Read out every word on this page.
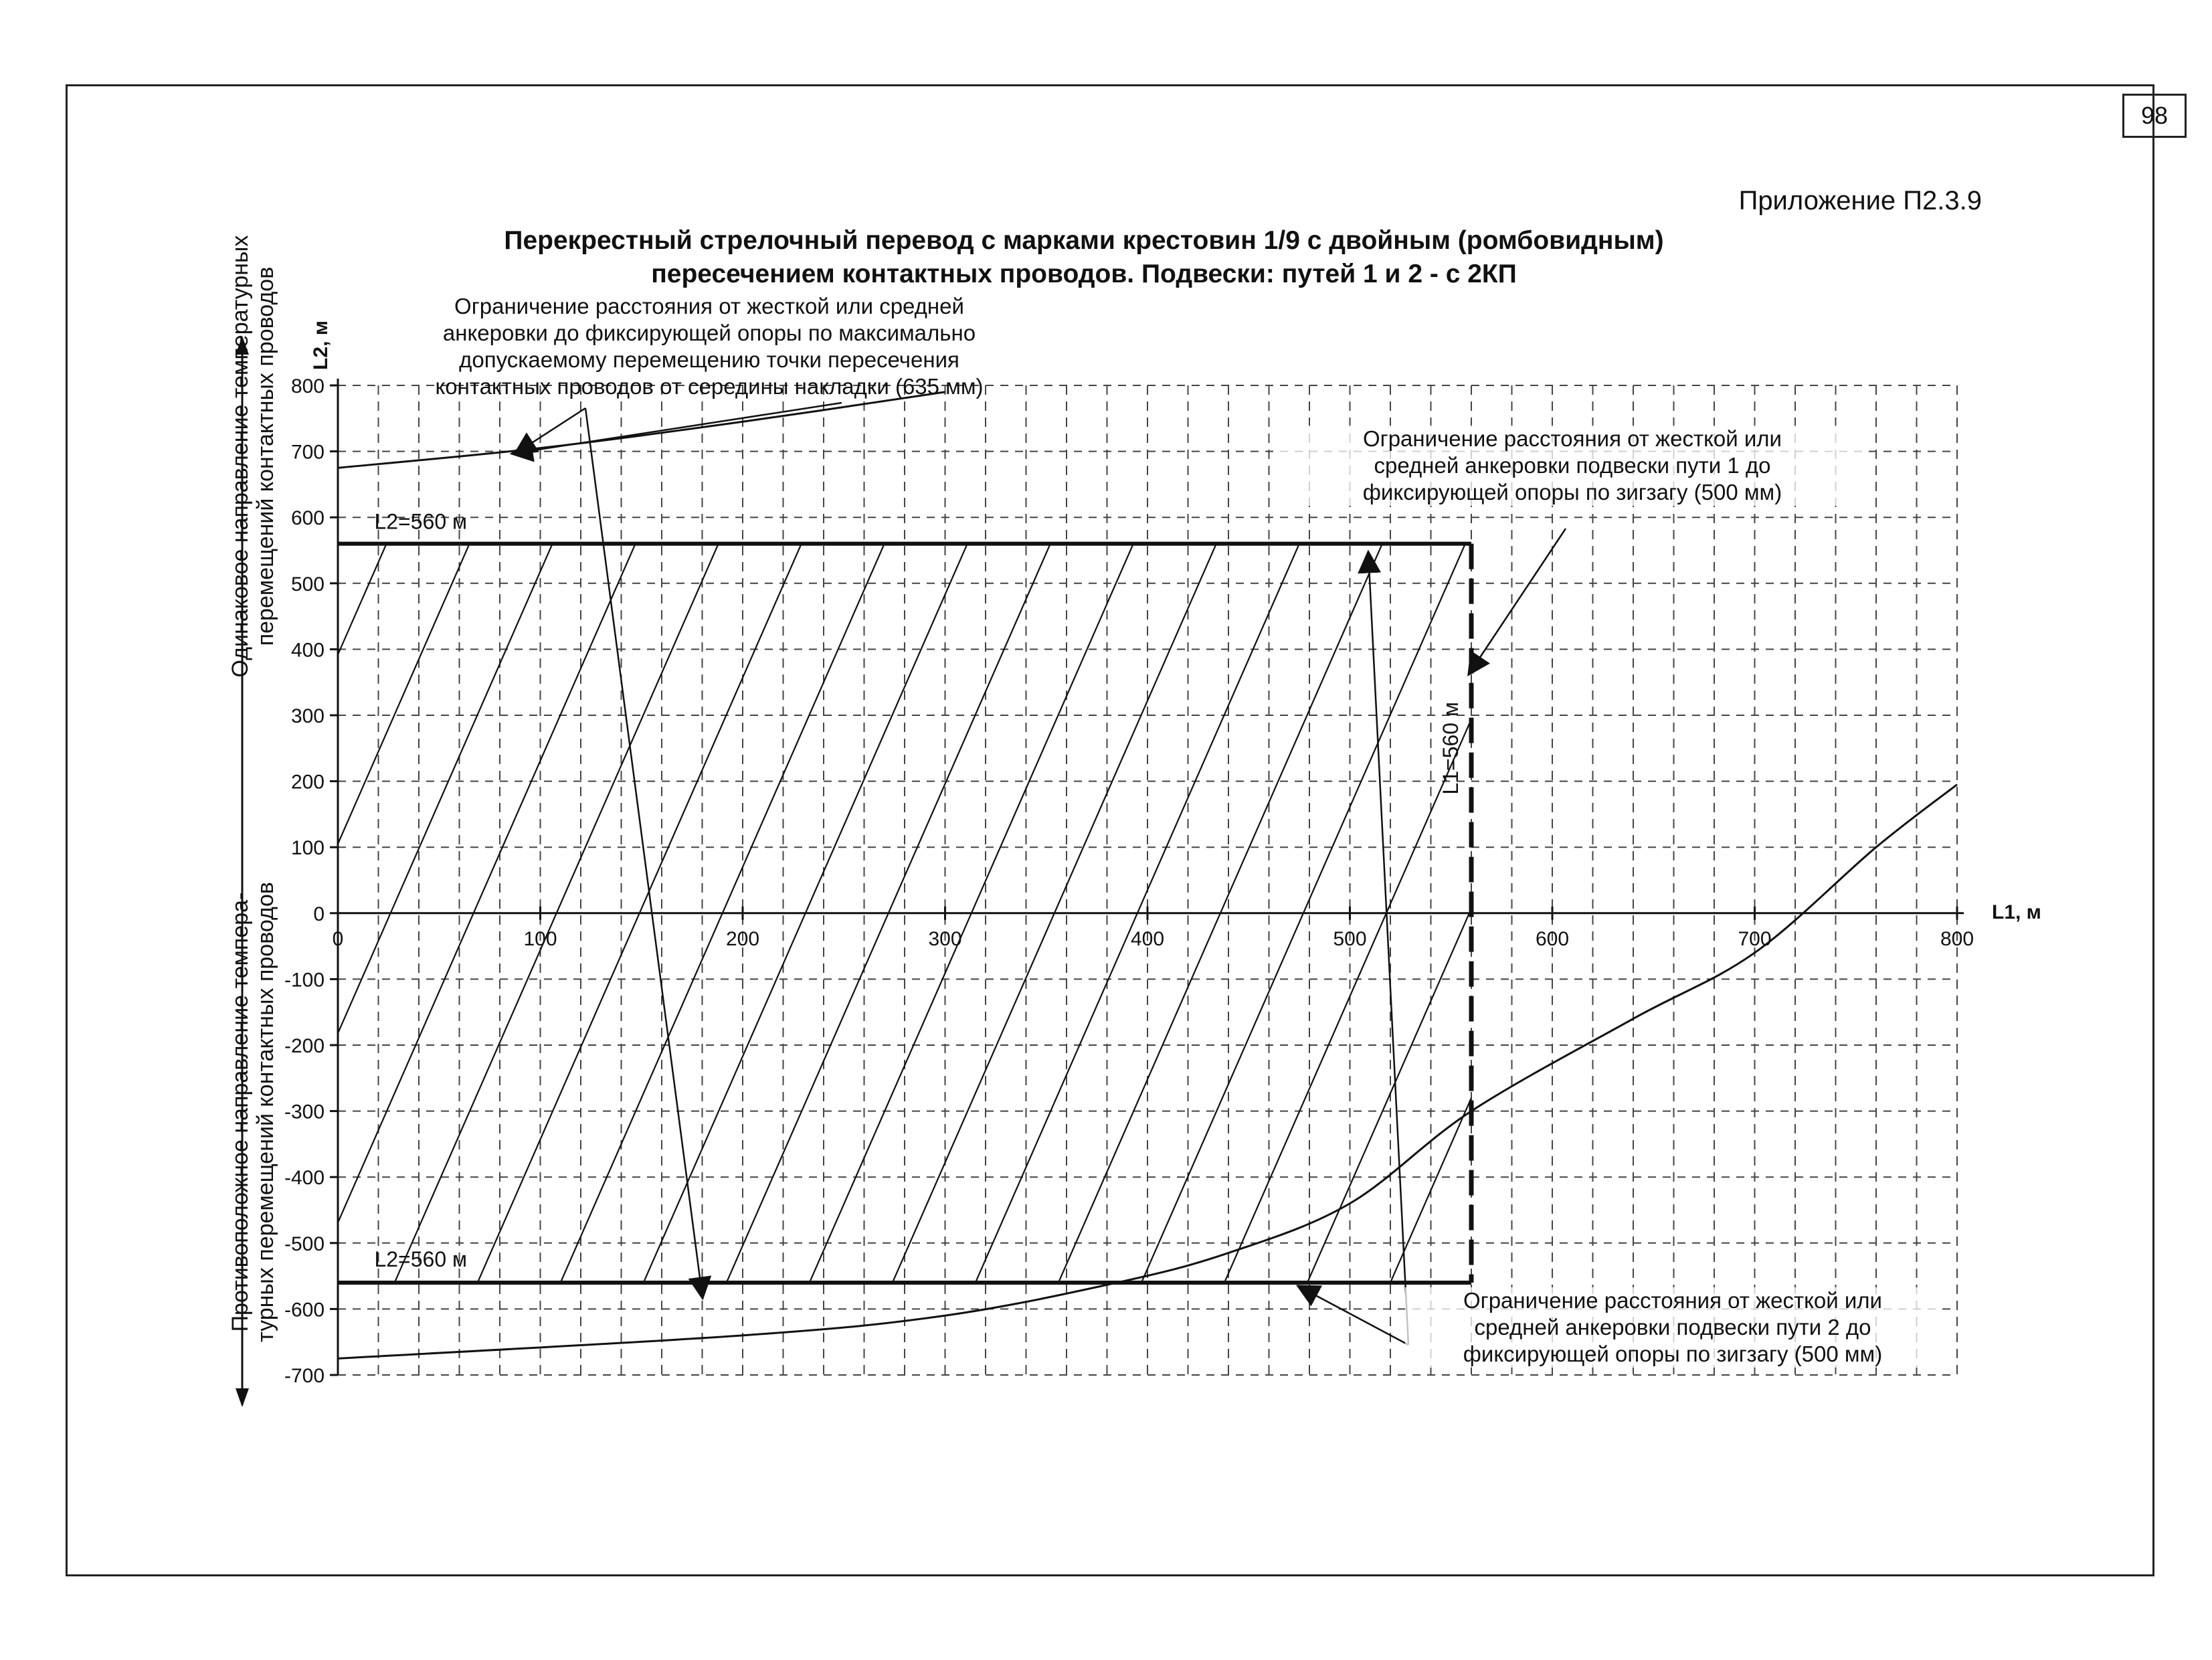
98
Приложение П2.3.9
Перекрестный стрелочный перевод с марками крестовин 1/9 с двойным (ромбовидным)
пересечением контактных проводов. Подвески: путей 1 и 2 - с 2КП
800
700
600
500
400
300
200
100
0
-100
-200
-300
-400
-500
-600
-700
0	100	200	300	400	500	600	700	800
L1, м
L2, м
L2=560 м
L2=560 м
L1=560 м
Ограничение расстояния от жесткой или средней
анкеровки до фиксирующей опоры по максимально
допускаемому перемещению точки пересечения
контактных проводов от середины накладки (635 мм)
Ограничение расстояния от жесткой или
средней анкеровки подвески пути 1 до
фиксирующей опоры по зигзагу (500 мм)
Ограничение расстояния от жесткой или
средней анкеровки подвески пути 2 до
фиксирующей опоры по зигзагу (500 мм)
Одинаковое направление температурных перемещений контактных проводов
Противоположное направление темпера- турных перемещений контактных проводов
